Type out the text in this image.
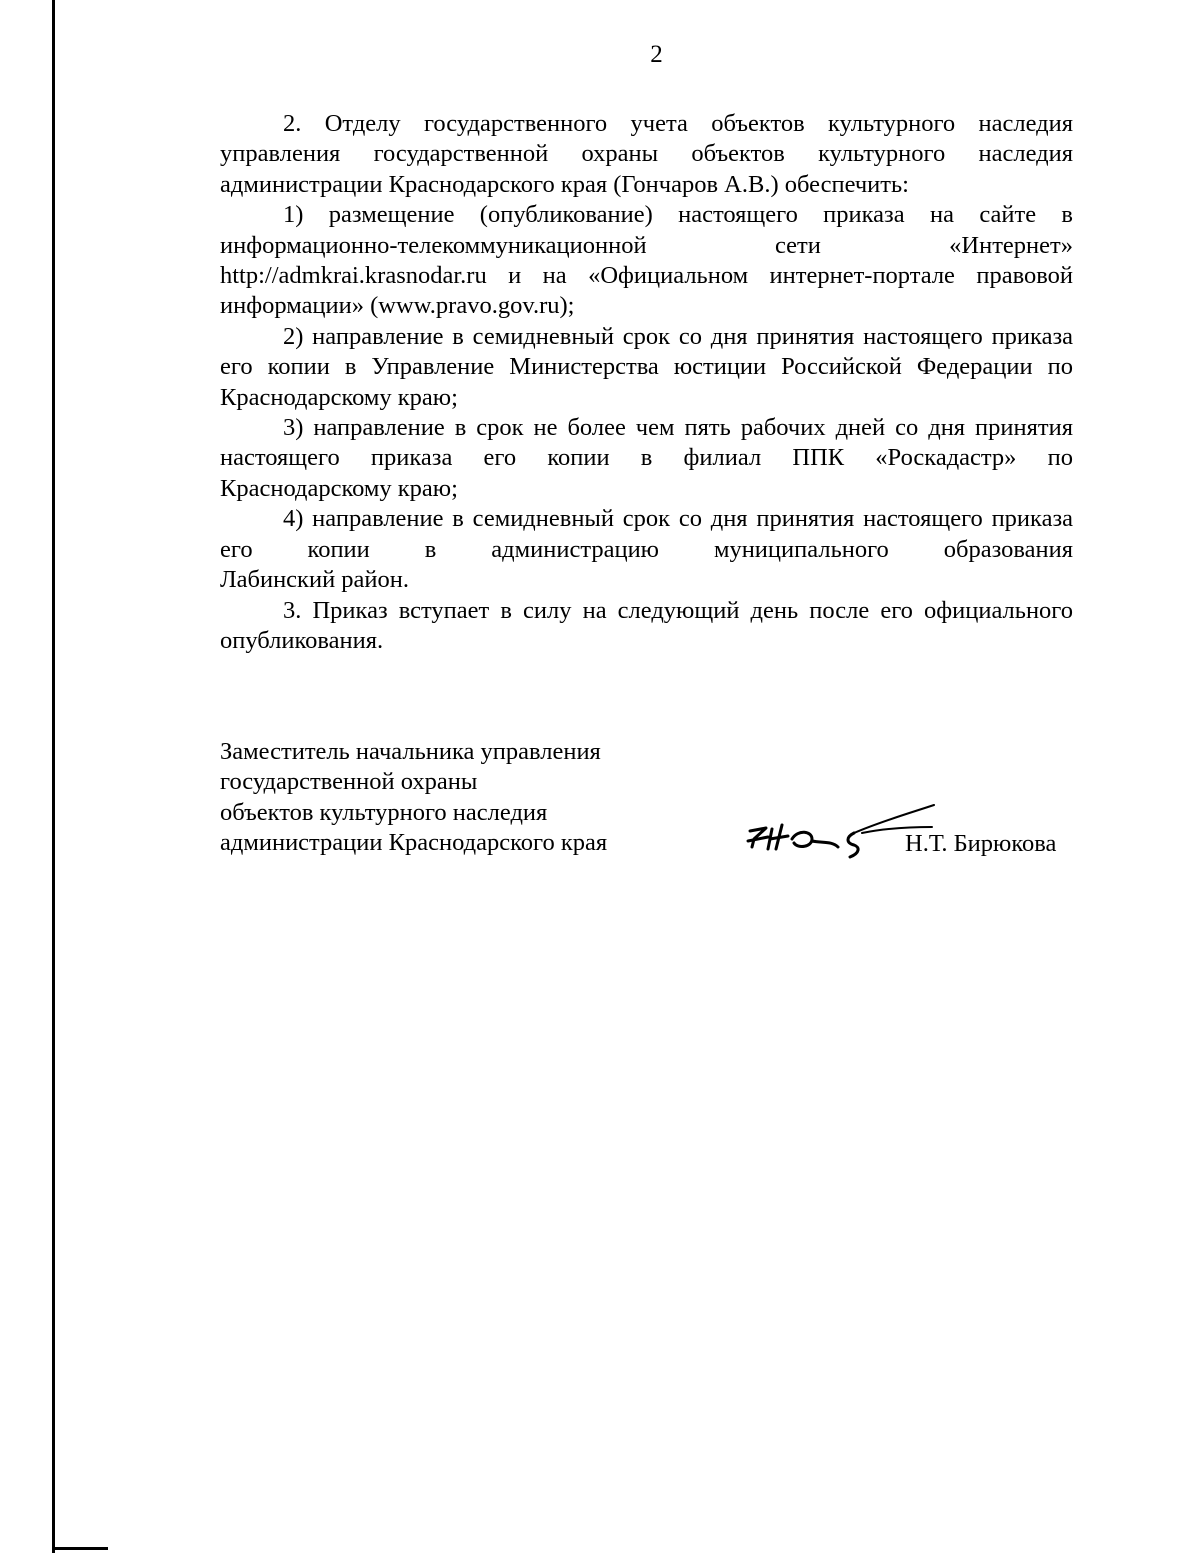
2

2. Отделу государственного учета объектов культурного наследия
управления государственной охраны объектов культурного наследия
администрации Краснодарского края (Гончаров А.В.) обеспечить:

1) размещение (опубликование) настоящего приказа на сайте в
информационно-телекоммуникационной сети «Интернет»
http://admkrai.krasnodar.ru и на «Официальном интернет-портале правовой
информации» (www.pravo.gov.ru);

2) направление в семидневный срок со дня принятия настоящего приказа
его копии в Управление Министерства юстиции Российской Федерации по
Краснодарскому краю;

3) направление в срок не более чем пять рабочих дней со дня принятия
настоящего приказа его копии в филиал ППК «Роскадастр» по
Краснодарскому краю;

4) направление в семидневный срок со дня принятия настоящего приказа
его копии в администрацию муниципального образования
Лабинский район.

3. Приказ вступает в силу на следующий день после его официального
опубликования.

Заместитель начальника управления
государственной охраны
объектов культурного наследия
администрации Краснодарского края	Н.Т. Бирюкова
